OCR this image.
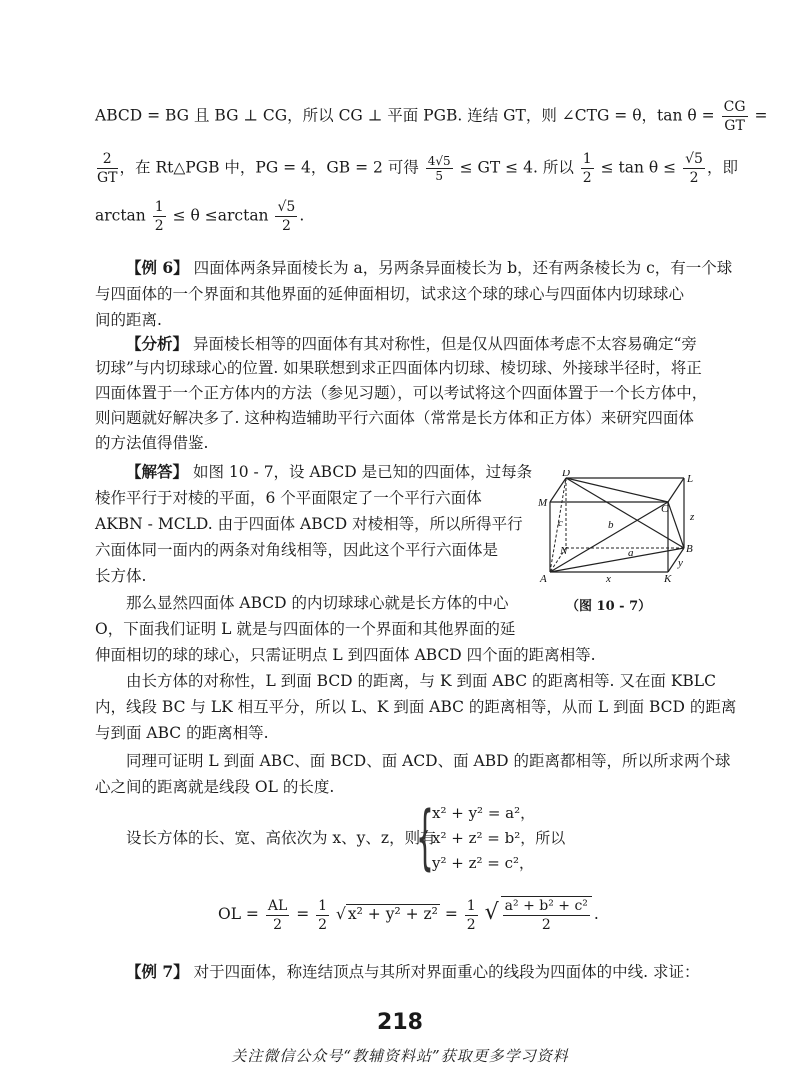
ABCD = BG 且 BG ⊥ CG，所以 CG ⊥ 平面 PGB. 连结 GT，则 ∠CTG = θ，$\tan \theta = \frac{CG}{GT}$ =
$\frac{2}{GT}$ ，在 Rt△PGB 中，PG = 4，GB = 2 可得 $\frac{4√5}{5}$ ≤ GT ≤ 4. 所以 $\frac{1}{2} \le \tan \theta \le \frac{√5}{2}$ ，即
$\arctan \frac{1}{2} \le \theta \le\arctan \frac{√5}{2}$ .
【例 6】 四面体两条异面棱长为 a，另两条异面棱长为 b，还有两条棱长为 c，有一个球
与四面体的一个界面和其他界面的延伸面相切，试求这个球的球心与四面体内切球球心
间的距离.
【分析】 异面棱长相等的四面体有其对称性，但是仅从四面体考虑不太容易确定“旁
切球”与内切球球心的位置. 如果联想到求正四面体内切球、棱切球、外接球半径时，将正
四面体置于一个正方体内的方法（参见习题），可以考试将这个四面体置于一个长方体中，
则问题就好解决多了. 这种构造辅助平行六面体（常常是长方体和正方体）来研究四面体
的方法值得借鉴.
【解答】 如图 10 - 7，设 ABCD 是已知的四面体，过每条
棱作平行于对棱的平面，6 个平面限定了一个平行六面体
AKBN - MCLD. 由于四面体 ABCD 对棱相等，所以所得平行
六面体同一面内的两条对角线相等，因此这个平行六面体是
长方体.
那么显然四面体 ABCD 的内切球球心就是长方体的中心
O，下面我们证明 L 就是与四面体的一个界面和其他界面的延
伸面相切的球的球心，只需证明点 L 到四面体 ABCD 四个面的距离相等.
由长方体的对称性，L 到面 BCD 的距离，与 K 到面 ABC 的距离相等. 又在面 KBLC
内，线段 BC 与 LK 相互平分，所以 L、K 到面 ABC 的距离相等，从而 L 到面 BCD 的距离
与到面 ABC 的距离相等.
同理可证明 L 到面 ABC、面 BCD、面 ACD、面 ABD 的距离都相等，所以所求两个球
心之间的距离就是线段 OL 的长度.
设长方体的长、宽、高依次为 x、y、z，则有
{
x² + y² = a²，
x² + z² = b²，所以
y² + z² = c²，
OL = $\frac{AL}{2} = \frac{1}{2}$ √ $x^2 + y^2 + z^2 = \frac{1}{2}$ √ $\frac{\text{a² + b² + c²}}{2}$ .
【例 7】 对于四面体，称连结顶点与其所对界面重心的线段为四面体的中线. 求证：
D	L
M	C
c	b
z
N	B
a
y
A	x	K
（图 10 - 7）
218
关注微信公众号“教辅资料站”获取更多学习资料
